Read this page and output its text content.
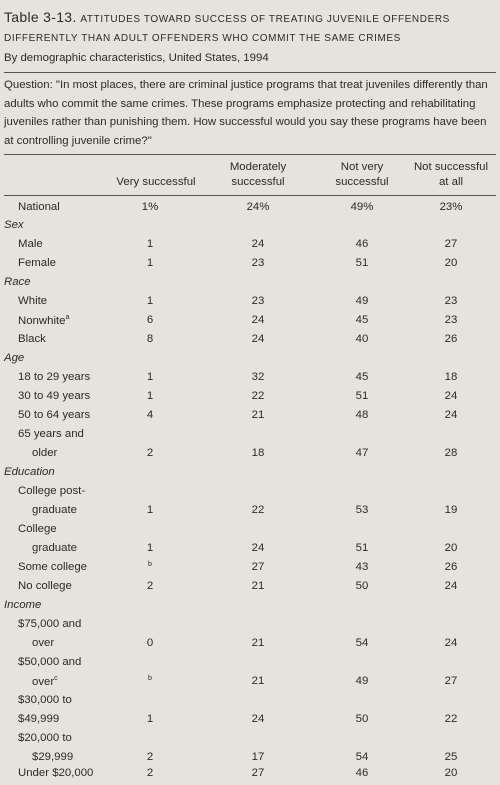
Table 3-13. ATTITUDES TOWARD SUCCESS OF TREATING JUVENILE OFFENDERS
DIFFERENTLY THAN ADULT OFFENDERS WHO COMMIT THE SAME CRIMES
By demographic characteristics, United States, 1994
Question: "In most places, there are criminal justice programs that treat juveniles differently than adults who commit the same crimes. These programs emphasize protecting and rehabilitating juveniles rather than punishing them. How successful would you say these programs have been at controlling juvenile crime?"
Very successful
Moderately
successful
Not very
successful
Not successful
at all
National	1%	24%	49%	23%
Sex
Male	1	24	46	27
Female	1	23	51	20
Race
White	1	23	49	23
Nonwhite$^a$	6	24	45	23
Black	8	24	40	26
Age
18 to 29 years	1	32	45	18
30 to 49 years	1	22	51	24
50 to 64 years	4	21	48	24
65 years and
older	2	18	47	28
Education
College post-
graduate	1	22	53	19
College
graduate	1	24	51	20
Some college	b	27	43	26
No college	2	21	50	24
Income
$75,000 and
over	0	21	54	24
$50,000 and
over$^c$	b	21	49	27
$30,000 to
$49,999	1	24	50	22
$20,000 to
$29,999	2	17	54	25
Under $20,000	2	27	46	20
